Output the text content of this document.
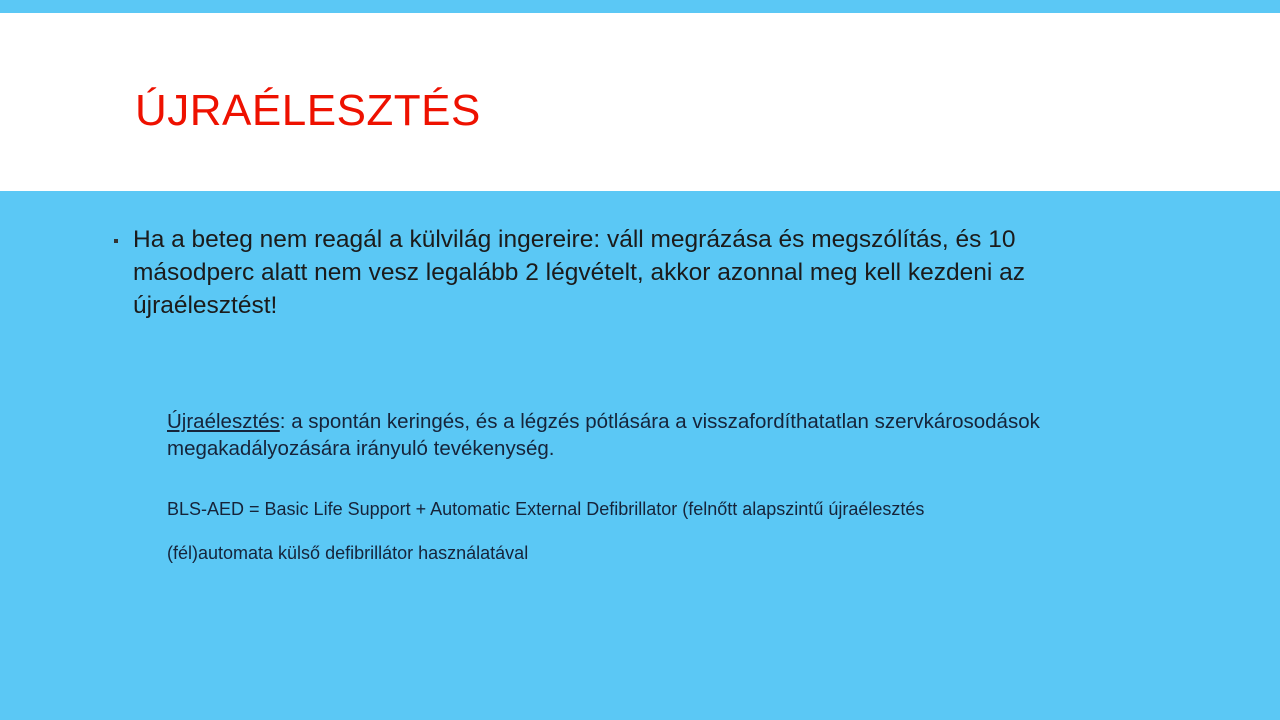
ÚJRAÉLESZTÉS
Ha a beteg nem reagál a külvilág ingereire: váll megrázása és megszólítás, és 10 másodperc alatt nem vesz legalább 2 légvételt, akkor azonnal meg kell kezdeni az újraélesztést!

Újraélesztés: a spontán keringés, és a légzés pótlására a visszafordíthatatlan szervkárosodások megakadályozására irányuló tevékenység.

BLS-AED = Basic Life Support + Automatic External Defibrillator (felnőtt alapszintű újraélesztés

(fél)automata külső defibrillátor használatával
